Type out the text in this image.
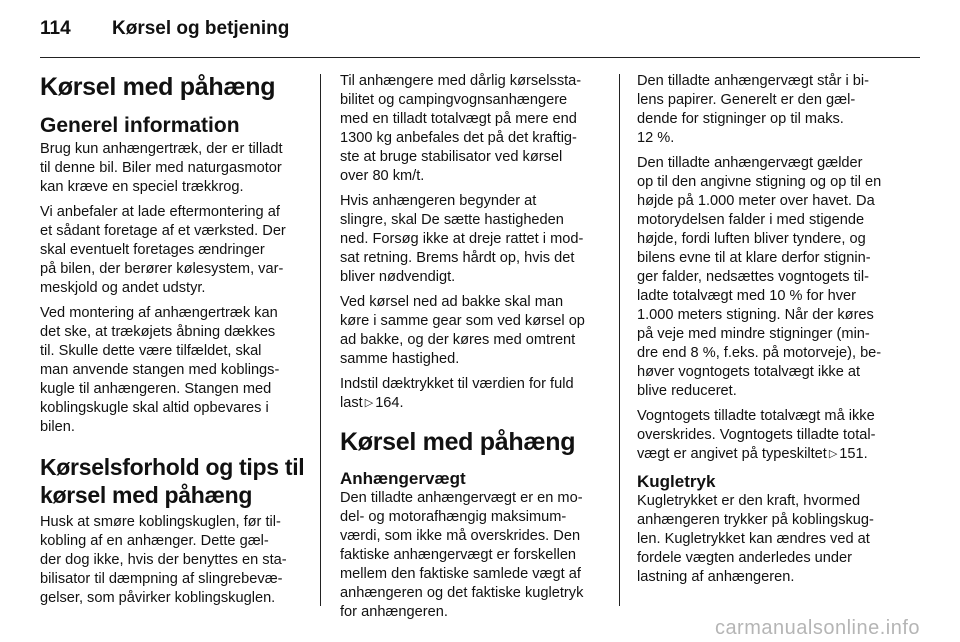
114	Kørsel og betjening
Kørsel med påhæng
Generel information

Brug kun anhængertræk, der er tilladt
til denne bil. Biler med naturgasmotor
kan kræve en speciel trækkrog.

Vi anbefaler at lade eftermontering af
et sådant foretage af et værksted. Der
skal eventuelt foretages ændringer
på bilen, der berører kølesystem, var-
meskjold og andet udstyr.

Ved montering af anhængertræk kan
det ske, at trækøjets åbning dækkes
til. Skulle dette være tilfældet, skal
man anvende stangen med koblings-
kugle til anhængeren. Stangen med
koblingskugle skal altid opbevares i
bilen.

Kørselsforhold og tips til
kørsel med påhæng

Husk at smøre koblingskuglen, før til-
kobling af en anhænger. Dette gæl-
der dog ikke, hvis der benyttes en sta-
bilisator til dæmpning af slingrebevæ-
gelser, som påvirker koblingskuglen.

Til anhængere med dårlig kørselssta-
bilitet og campingvognsanhængere
med en tilladt totalvægt på mere end
1300 kg anbefales det på det kraftig-
ste at bruge stabilisator ved kørsel
over 80 km/t.

Hvis anhængeren begynder at
slingre, skal De sætte hastigheden
ned. Forsøg ikke at dreje rattet i mod-
sat retning. Brems hårdt op, hvis det
bliver nødvendigt.

Ved kørsel ned ad bakke skal man
køre i samme gear som ved kørsel op
ad bakke, og der køres med omtrent
samme hastighed.

Indstil dæktrykket til værdien for fuld
last ▷ 164.

Kørsel med påhæng
Anhængervægt

Den tilladte anhængervægt er en mo-
del- og motorafhængig maksimum-
værdi, som ikke må overskrides. Den
faktiske anhængervægt er forskellen
mellem den faktiske samlede vægt af
anhængeren og det faktiske kugletryk
for anhængeren.

Den tilladte anhængervægt står i bi-
lens papirer. Generelt er den gæl-
dende for stigninger op til maks.
12 %.

Den tilladte anhængervægt gælder
op til den angivne stigning og op til en
højde på 1.000 meter over havet. Da
motorydelsen falder i med stigende
højde, fordi luften bliver tyndere, og
bilens evne til at klare derfor stignin-
ger falder, nedsættes vogntogets til-
ladte totalvægt med 10 % for hver
1.000 meters stigning. Når der køres
på veje med mindre stigninger (min-
dre end 8 %, f.eks. på motorveje), be-
høver vogntogets totalvægt ikke at
blive reduceret.

Vogntogets tilladte totalvægt må ikke
overskrides. Vogntogets tilladte total-
vægt er angivet på typeskiltet ▷ 151.

Kugletryk

Kugletrykket er den kraft, hvormed
anhængeren trykker på koblingskug-
len. Kugletrykket kan ændres ved at
fordele vægten anderledes under
lastning af anhængeren.

carmanualsonline.info
